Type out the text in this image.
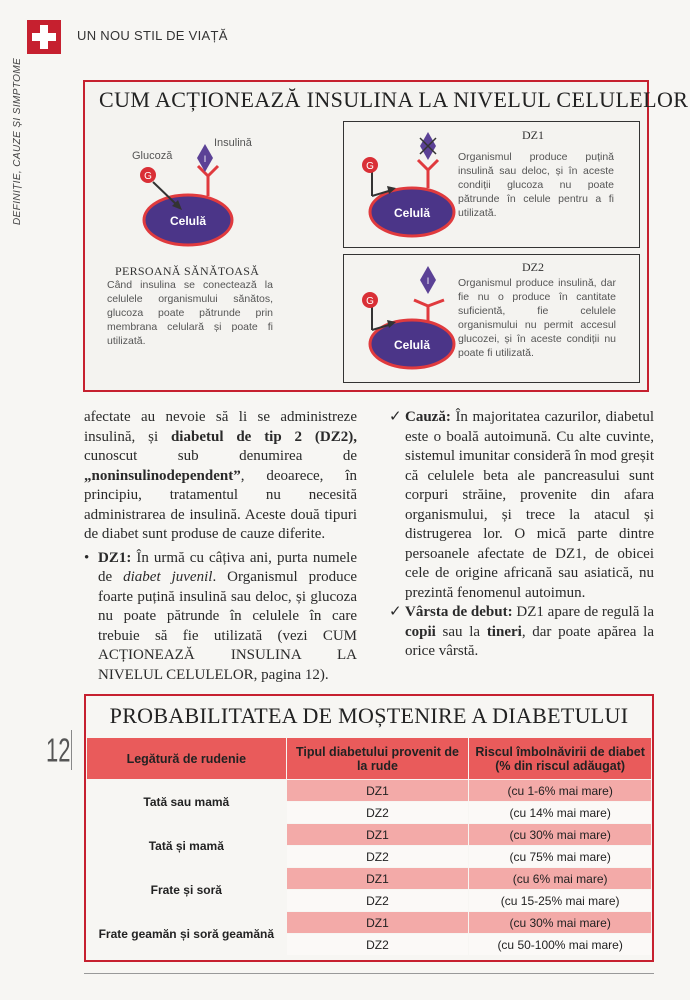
UN NOU STIL DE VIAȚĂ
DEFINIȚIE, CAUZE ȘI SIMPTOME
12
CUM ACȚIONEAZĂ INSULINA LA NIVELUL CELULELOR
Celulă
G
I
Glucoză
Insulină
PERSOANĂ SĂNĂTOASĂ
Când insulina se conectează la celulele organismului sănătos, glucoza poate pătrunde prin membrana celulară și poate fi utilizată.
Celulă
G
DZ1
Organismul produce puțină insulină sau deloc, și în aceste condiții glucoza nu poate pătrunde în celule pentru a fi utilizată.
Celulă
G
I
DZ2
Organismul produce insulină, dar fie nu o produce în cantitate suficientă, fie celulele organismului nu permit accesul glucozei, și în aceste condiții nu poate fi utilizată.

afectate au nevoie să li se administreze insulină, și diabetul de tip 2 (DZ2), cunoscut sub denumirea de „noninsulinodependent”, deoarece, în principiu, tratamentul nu necesită administrarea de insulină. Aceste două tipuri de diabet sunt produse de cauze diferite.

• DZ1: În urmă cu câțiva ani, purta numele de diabet juvenil. Organismul produce foarte puțină insulină sau deloc, și glucoza nu poate pătrunde în celulele în care trebuie să fie utilizată (vezi CUM ACȚIONEAZĂ INSULINA LA NIVELUL CELULELOR, pagina 12).

✓ Cauză: În majoritatea cazurilor, diabetul este o boală autoimună. Cu alte cuvinte, sistemul imunitar consideră în mod greșit că celulele beta ale pancreasului sunt corpuri străine, provenite din afara organismului, și trece la atacul și distrugerea lor. O mică parte dintre persoanele afectate de DZ1, de obicei cele de origine africană sau asiatică, nu prezintă fenomenul autoimun.

✓ Vârsta de debut: DZ1 apare de regulă la copii sau la tineri, dar poate apărea la orice vârstă.

PROBABILITATEA DE MOȘTENIRE A DIABETULUI
Legătură de rudenie	Tipul diabetului provenit de la rude	Riscul îmbolnăvirii de diabet (% din riscul adăugat)
Tată sau mamă	DZ1	(cu 1-6% mai mare)
	DZ2	(cu 14% mai mare)
Tată și mamă	DZ1	(cu 30% mai mare)
	DZ2	(cu 75% mai mare)
Frate și soră	DZ1	(cu 6% mai mare)
	DZ2	(cu 15-25% mai mare)
Frate geamăn și soră geamănă	DZ1	(cu 30% mai mare)
	DZ2	(cu 50-100% mai mare)
